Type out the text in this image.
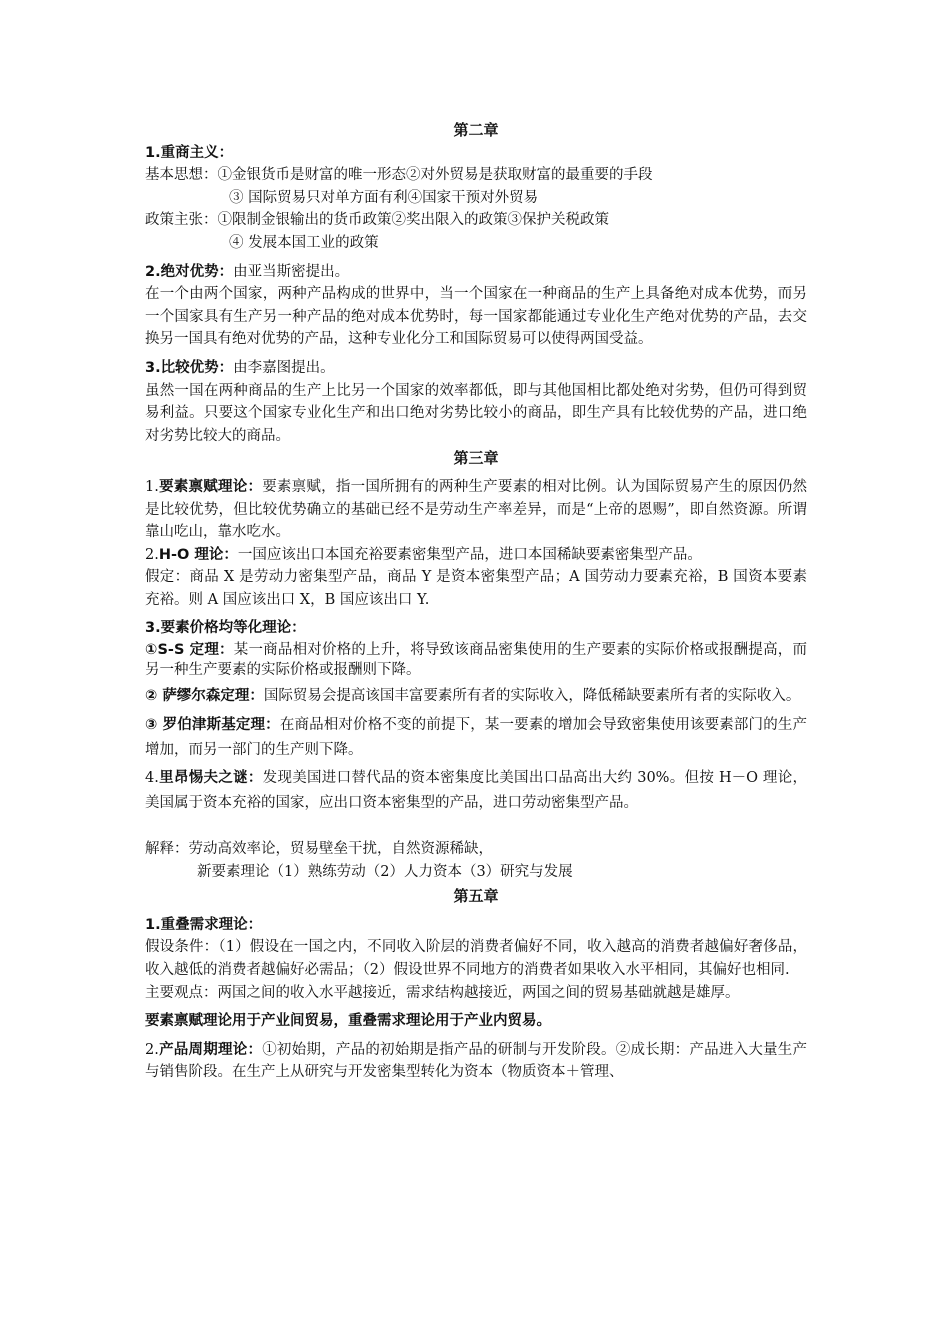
第二章

1.重商主义：

基本思想：①金银货币是财富的唯一形态②对外贸易是获取财富的最重要的手段

③ 国际贸易只对单方面有利④国家干预对外贸易

政策主张：①限制金银输出的货币政策②奖出限入的政策③保护关税政策

④ 发展本国工业的政策

2.绝对优势：由亚当斯密提出。

在一个由两个国家，两种产品构成的世界中，当一个国家在一种商品的生产上具备绝对成本优势，而另一个国家具有生产另一种产品的绝对成本优势时，每一国家都能通过专业化生产绝对优势的产品，去交换另一国具有绝对优势的产品，这种专业化分工和国际贸易可以使得两国受益。

3.比较优势：由李嘉图提出。

虽然一国在两种商品的生产上比另一个国家的效率都低，即与其他国相比都处绝对劣势，但仍可得到贸易利益。只要这个国家专业化生产和出口绝对劣势比较小的商品，即生产具有比较优势的产品，进口绝对劣势比较大的商品。

第三章

1.要素禀赋理论：要素禀赋，指一国所拥有的两种生产要素的相对比例。认为国际贸易产生的原因仍然是比较优势，但比较优势确立的基础已经不是劳动生产率差异，而是“上帝的恩赐”，即自然资源。所谓靠山吃山，靠水吃水。

2.H-O 理论：一国应该出口本国充裕要素密集型产品，进口本国稀缺要素密集型产品。

假定：商品 X 是劳动力密集型产品，商品 Y 是资本密集型产品；A 国劳动力要素充裕，B 国资本要素充裕。则 A 国应该出口 X，B 国应该出口 Y.

3.要素价格均等化理论：

①S-S 定理：某一商品相对价格的上升，将导致该商品密集使用的生产要素的实际价格或报酬提高，而另一种生产要素的实际价格或报酬则下降。

② 萨缪尔森定理：国际贸易会提高该国丰富要素所有者的实际收入，降低稀缺要素所有者的实际收入。

③ 罗伯津斯基定理：在商品相对价格不变的前提下，某一要素的增加会导致密集使用该要素部门的生产增加，而另一部门的生产则下降。

4.里昂惕夫之谜：发现美国进口替代品的资本密集度比美国出口品高出大约 30%。但按 H－O 理论，美国属于资本充裕的国家，应出口资本密集型的产品，进口劳动密集型产品。

解释：劳动高效率论，贸易壁垒干扰，自然资源稀缺，

新要素理论（1）熟练劳动（2）人力资本（3）研究与发展

第五章

1.重叠需求理论：

假设条件：（1）假设在一国之内，不同收入阶层的消费者偏好不同，收入越高的消费者越偏好奢侈品，收入越低的消费者越偏好必需品；（2）假设世界不同地方的消费者如果收入水平相同，其偏好也相同.

主要观点：两国之间的收入水平越接近，需求结构越接近，两国之间的贸易基础就越是雄厚。

要素禀赋理论用于产业间贸易，重叠需求理论用于产业内贸易。

2.产品周期理论：①初始期，产品的初始期是指产品的研制与开发阶段。②成长期：产品进入大量生产与销售阶段。在生产上从研究与开发密集型转化为资本（物质资本＋管理、
